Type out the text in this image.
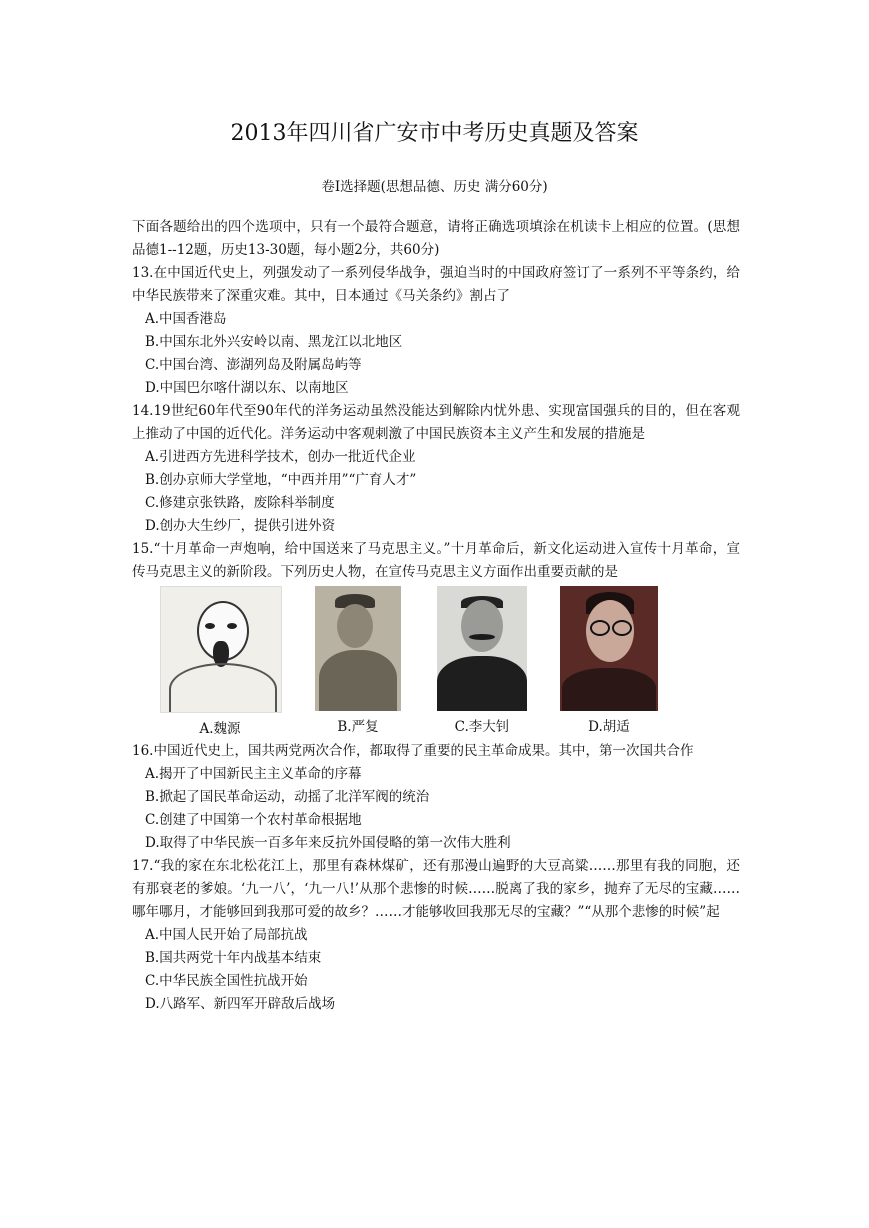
2013年四川省广安市中考历史真题及答案
卷Ⅰ选择题(思想品德、历史 满分60分)

下面各题给出的四个选项中，只有一个最符合题意，请将正确选项填涂在机读卡上相应的位置。(思想品德1--12题，历史13-30题，每小题2分，共60分)

13.在中国近代史上，列强发动了一系列侵华战争，强迫当时的中国政府签订了一系列不平等条约，给中华民族带来了深重灾难。其中，日本通过《马关条约》割占了

A.中国香港岛
B.中国东北外兴安岭以南、黑龙江以北地区
C.中国台湾、澎湖列岛及附属岛屿等
D.中国巴尔喀什湖以东、以南地区

14.19世纪60年代至90年代的洋务运动虽然没能达到解除内忧外患、实现富国强兵的目的，但在客观上推动了中国的近代化。洋务运动中客观刺激了中国民族资本主义产生和发展的措施是

A.引进西方先进科学技术，创办一批近代企业
B.创办京师大学堂地，“中西并用”“广育人才”
C.修建京张铁路，废除科举制度
D.创办大生纱厂，提供引进外资

15.“十月革命一声炮响，给中国送来了马克思主义。”十月革命后，新文化运动进入宣传十月革命，宣传马克思主义的新阶段。下列历史人物，在宣传马克思主义方面作出重要贡献的是

A.魏源	B.严复	C.李大钊	D.胡适

16.中国近代史上，国共两党两次合作，都取得了重要的民主革命成果。其中，第一次国共合作

A.揭开了中国新民主主义革命的序幕
B.掀起了国民革命运动，动摇了北洋军阀的统治
C.创建了中国第一个农村革命根据地
D.取得了中华民族一百多年来反抗外国侵略的第一次伟大胜利

17.“我的家在东北松花江上，那里有森林煤矿，还有那漫山遍野的大豆高粱……那里有我的同胞，还有那衰老的爹娘。‘九一八’，‘九一八!’从那个悲惨的时候……脱离了我的家乡，抛弃了无尽的宝藏……哪年哪月，才能够回到我那可爱的故乡？……才能够收回我那无尽的宝藏？”“从那个悲惨的时候”起

A.中国人民开始了局部抗战
B.国共两党十年内战基本结束
C.中华民族全国性抗战开始
D.八路军、新四军开辟敌后战场
